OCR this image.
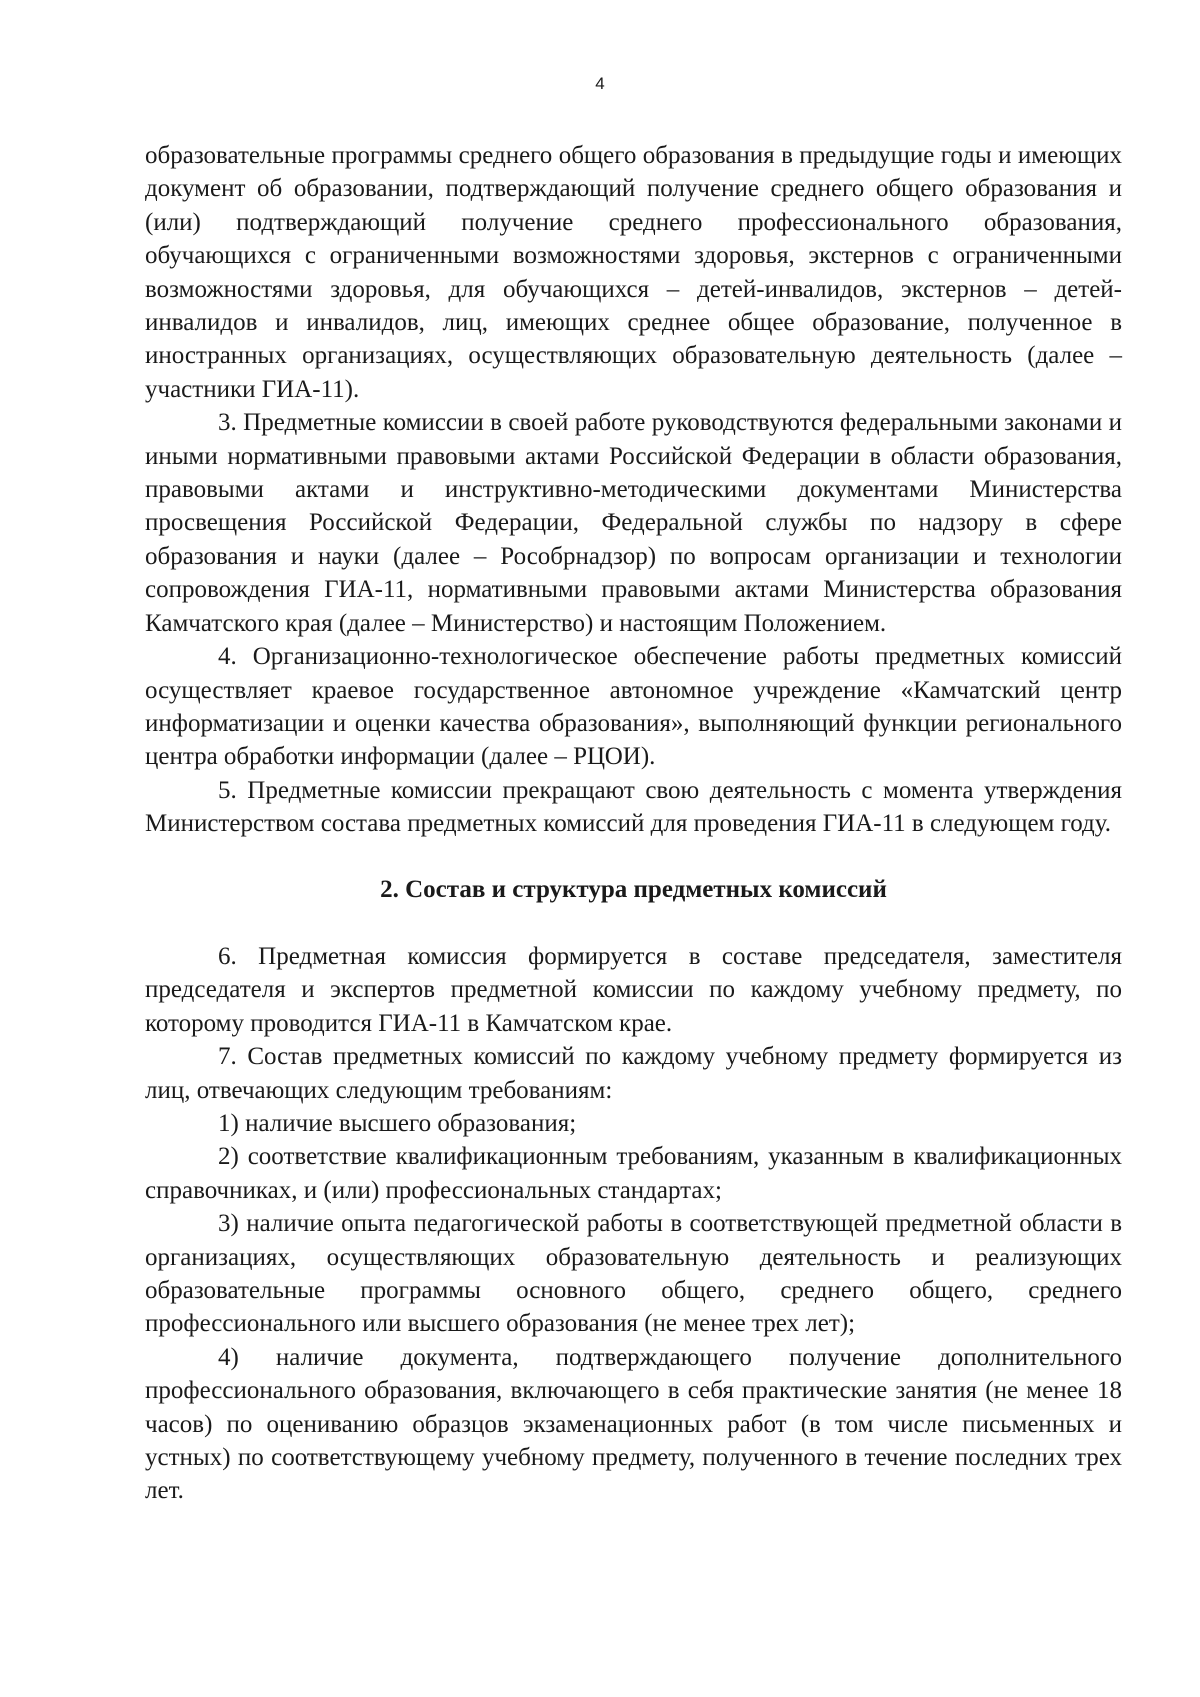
4

образовательные программы среднего общего образования в предыдущие годы и имеющих документ об образовании, подтверждающий получение среднего общего образования и (или) подтверждающий получение среднего профессионального образования, обучающихся с ограниченными возможностями здоровья, экстернов с ограниченными возможностями здоровья, для обучающихся – детей-инвалидов, экстернов – детей-инвалидов и инвалидов, лиц, имеющих среднее общее образование, полученное в иностранных организациях, осуществляющих образовательную деятельность (далее – участники ГИА-11).

3. Предметные комиссии в своей работе руководствуются федеральными законами и иными нормативными правовыми актами Российской Федерации в области образования, правовыми актами и инструктивно-методическими документами Министерства просвещения Российской Федерации, Федеральной службы по надзору в сфере образования и науки (далее – Рособрнадзор) по вопросам организации и технологии сопровождения ГИА-11, нормативными правовыми актами Министерства образования Камчатского края (далее – Министерство) и настоящим Положением.

4. Организационно-технологическое обеспечение работы предметных комиссий осуществляет краевое государственное автономное учреждение «Камчатский центр информатизации и оценки качества образования», выполняющий функции регионального центра обработки информации (далее – РЦОИ).

5. Предметные комиссии прекращают свою деятельность с момента утверждения Министерством состава предметных комиссий для проведения ГИА-11 в следующем году.

2. Состав и структура предметных комиссий

6. Предметная комиссия формируется в составе председателя, заместителя председателя и экспертов предметной комиссии по каждому учебному предмету, по которому проводится ГИА-11 в Камчатском крае.

7. Состав предметных комиссий по каждому учебному предмету формируется из лиц, отвечающих следующим требованиям:

1) наличие высшего образования;

2) соответствие квалификационным требованиям, указанным в квалификационных справочниках, и (или) профессиональных стандартах;

3) наличие опыта педагогической работы в соответствующей предметной области в организациях, осуществляющих образовательную деятельность и реализующих образовательные программы основного общего, среднего общего, среднего профессионального или высшего образования (не менее трех лет);

4) наличие документа, подтверждающего получение дополнительного профессионального образования, включающего в себя практические занятия (не менее 18 часов) по оцениванию образцов экзаменационных работ (в том числе письменных и устных) по соответствующему учебному предмету, полученного в течение последних трех лет.
